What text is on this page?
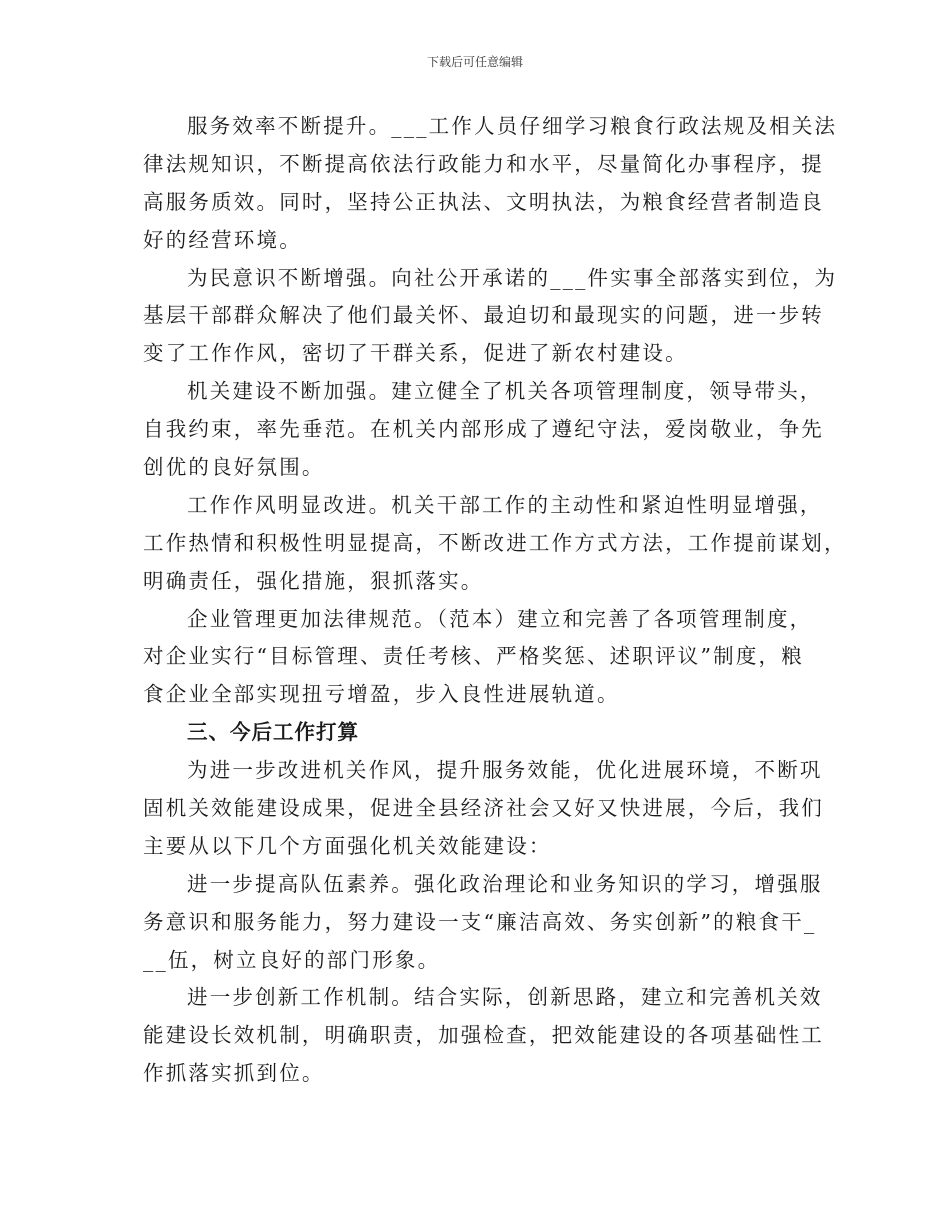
下载后可任意编辑
服务效率不断提升。___工作人员仔细学习粮食行政法规及相关法
律法规知识，不断提高依法行政能力和水平，尽量简化办事程序，提
高服务质效。同时，坚持公正执法、文明执法，为粮食经营者制造良
好的经营环境。
为民意识不断增强。向社公开承诺的___件实事全部落实到位，为
基层干部群众解决了他们最关怀、最迫切和最现实的问题，进一步转
变了工作作风，密切了干群关系，促进了新农村建设。
机关建设不断加强。建立健全了机关各项管理制度，领导带头，
自我约束，率先垂范。在机关内部形成了遵纪守法，爱岗敬业，争先
创优的良好氛围。
工作作风明显改进。机关干部工作的主动性和紧迫性明显增强，
工作热情和积极性明显提高，不断改进工作方式方法，工作提前谋划，
明确责任，强化措施，狠抓落实。
企业管理更加法律规范。（范本）建立和完善了各项管理制度，
对企业实行“目标管理、责任考核、严格奖惩、述职评议”制度，粮
食企业全部实现扭亏增盈，步入良性进展轨道。
三、今后工作打算
为进一步改进机关作风，提升服务效能，优化进展环境，不断巩
固机关效能建设成果，促进全县经济社会又好又快进展，今后，我们
主要从以下几个方面强化机关效能建设：
进一步提高队伍素养。强化政治理论和业务知识的学习，增强服
务意识和服务能力，努力建设一支“廉洁高效、务实创新”的粮食干_
__伍，树立良好的部门形象。
进一步创新工作机制。结合实际，创新思路，建立和完善机关效
能建设长效机制，明确职责，加强检查，把效能建设的各项基础性工
作抓落实抓到位。
